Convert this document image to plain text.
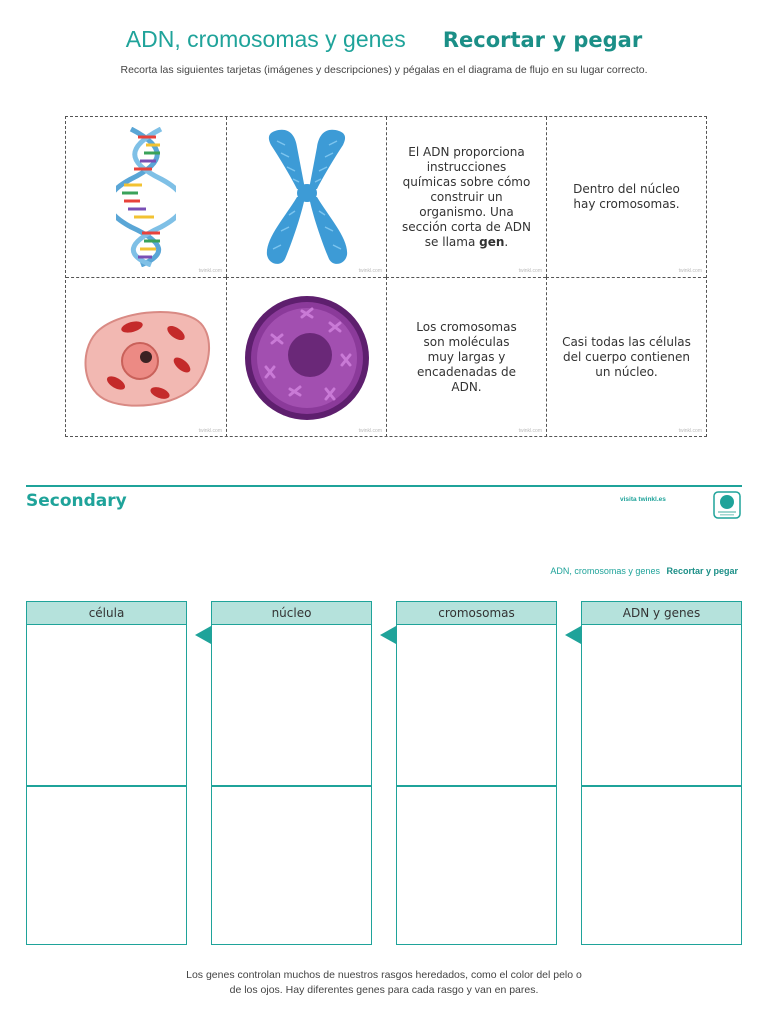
ADN, cromosomas y genes Recortar y pegar
Recorta las siguientes tarjetas (imágenes y descripciones) y pégalas en el diagrama de flujo en su lugar correcto.
twinkl.com	twinkl.com
El ADN proporciona instrucciones químicas sobre cómo construir un organismo. Una sección corta de ADN se llama gen.
twinkl.com
Dentro del núcleo hay cromosomas.
twinkl.com
twinkl.com	twinkl.com
Los cromosomas son moléculas muy largas y encadenadas de ADN.
twinkl.com
Casi todas las células del cuerpo contienen un núcleo.
twinkl.com
Secondary	visita twinkl.es
ADN, cromosomas y genes Recortar y pegar
célula	núcleo	cromosomas	ADN y genes
Los genes controlan muchos de nuestros rasgos heredados, como el color del pelo o de los ojos. Hay diferentes genes para cada rasgo y van en pares.
